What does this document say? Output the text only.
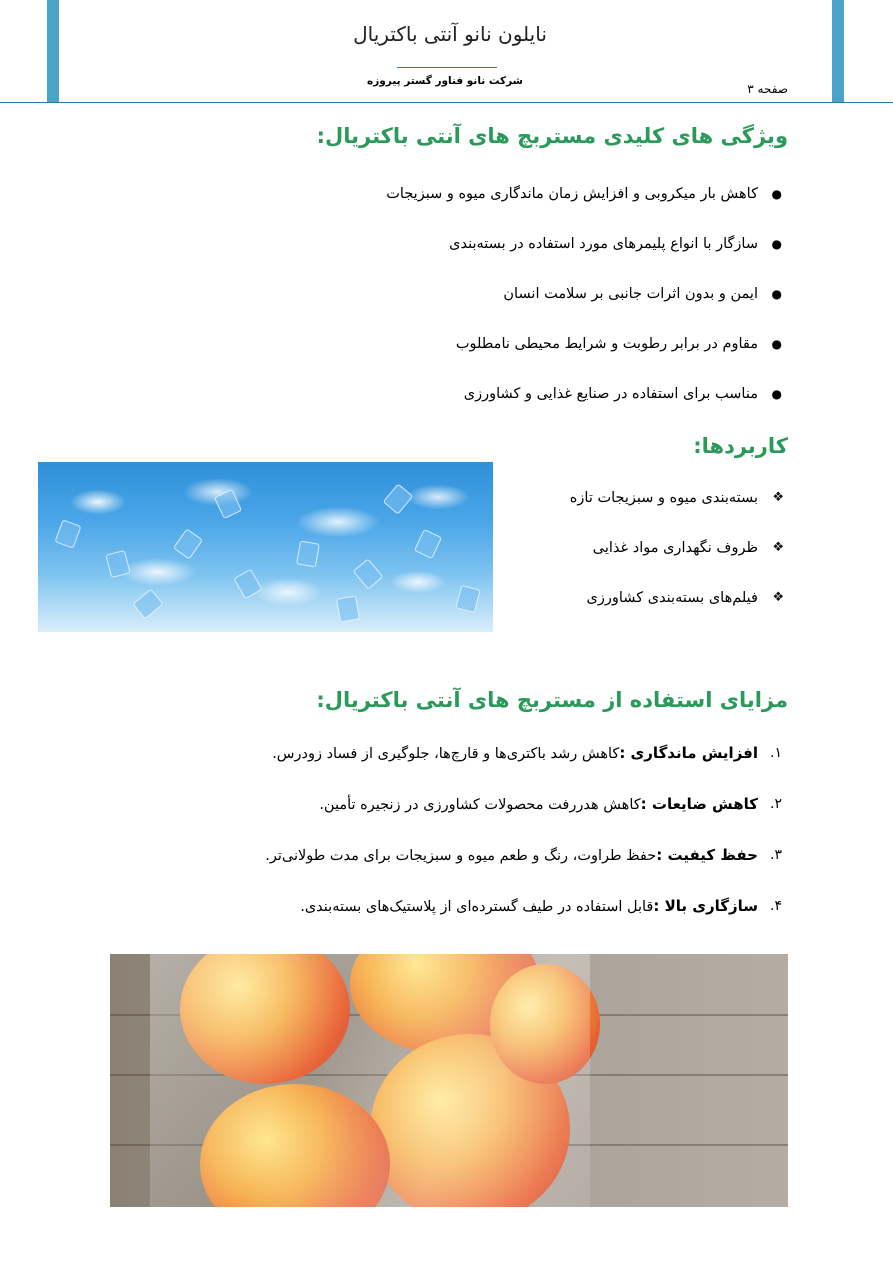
نایلون نانو آنتی باکتریال
شرکت نانو فناور گستر پیروزه
صفحه ۳
ویژگی های کلیدی مستربچ های آنتی باکتریال:
●
کاهش بار میکروبی و افزایش زمان ماندگاری میوه و سبزیجات
●
سازگار با انواع پلیمرهای مورد استفاده در بسته‌بندی
●
ایمن و بدون اثرات جانبی بر سلامت انسان
●
مقاوم در برابر رطوبت و شرایط محیطی نامطلوب
●
مناسب برای استفاده در صنایع غذایی و کشاورزی
کاربردها:
❖
بسته‌بندی میوه و سبزیجات تازه
❖
ظروف نگهداری مواد غذایی
❖
فیلم‌های بسته‌بندی کشاورزی
مزایای استفاده از مستربچ های آنتی باکتریال:
۱.
افزایش ماندگاری :کاهش رشد باکتری‌ها و قارچ‌ها، جلوگیری از فساد زودرس.
۲.
کاهش ضایعات :کاهش هدررفت محصولات کشاورزی در زنجیره تأمین.
۳.
حفظ کیفیت :حفظ طراوت، رنگ و طعم میوه و سبزیجات برای مدت طولانی‌تر.
۴.
سازگاری بالا :قابل استفاده در طیف گسترده‌ای از پلاستیک‌های بسته‌بندی.
